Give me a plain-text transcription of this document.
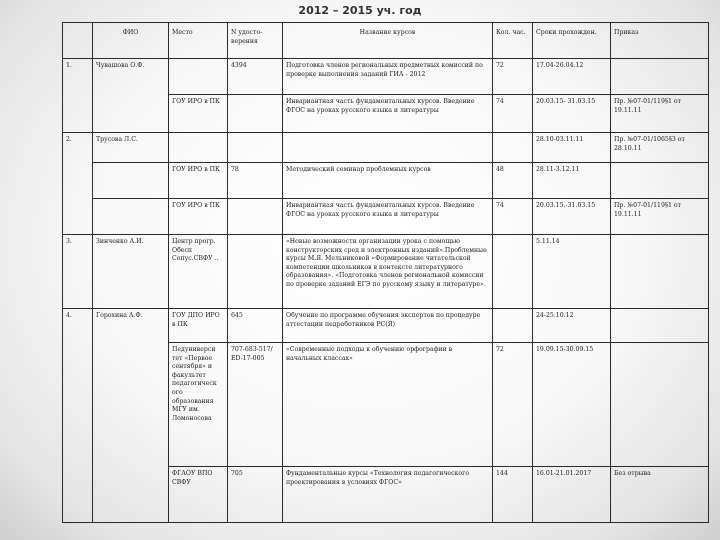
2012 – 2015 уч. год
	ФИО	Место	N удосто-верения	Название курсов	Кол. час.	Сроки прохожден.	Приказ
1.	Чувашова О.Ф.		4394	Подготовка членов региональных предметных комиссий по проверке выполнения заданий ГИА - 2012	72	17.04-26.04.12	
		ГОУ ИРО в ПК		Инвариантная часть фундаментальных курсов. Введение ФГОС на уроках русского языка и литературы	74	20.03.15- 31.03.15	Пр. №07-01/119§1 от 19.11.11
2.	Трусова Л.С.					28.10-03.11.11	Пр. №07-01/1065§3 от 28.10.11
		ГОУ ИРО в ПК	78	Методический семинар проблемных курсов	48	28.11-3.12.11	
		ГОУ ИРО в ПК		Инвариантная часть фундаментальных курсов. Введение ФГОС на уроках русского языка и литературы	74	20.03.15.-31.03.15	Пр. №07-01/119§1 от 19.11.11
3.	Зинченко А.И.	Центр прогр. Обесп Сопус.СВФУ ..		«Новые возможности организации урока с помощью конструкторских сред и электронных изданий».Проблемные курсы М.Я. Мельниковой «Формирование читательской компетенции школьников в контексте литературного образования». «Подготовка членов региональной комиссии по проверке заданий ЕГЭ по русскому языку и литературе».		5.11.14	
4.	Горохина А.Ф.	ГОУ ДПО ИРО в ПК	645	Обучение по программе обучения экспертов по процедуре аттестации педработников РС(Я)		24-25.10.12	
		Педуниверси тет «Первое сентября» и факультет педагогическ ого образования МГУ им. Ломоносова	707-683-517/ЕD-17-005	«Современные подходы к обучению орфографии в начальных классах»	72	19.09.15-30.09.15	
		ФГАОУ ВПО СВФУ	705	Фундаментальные курсы «Технология педагогического проектирования в условиях ФГОС»	144	16.01-21.01.2017	Без отрыва
